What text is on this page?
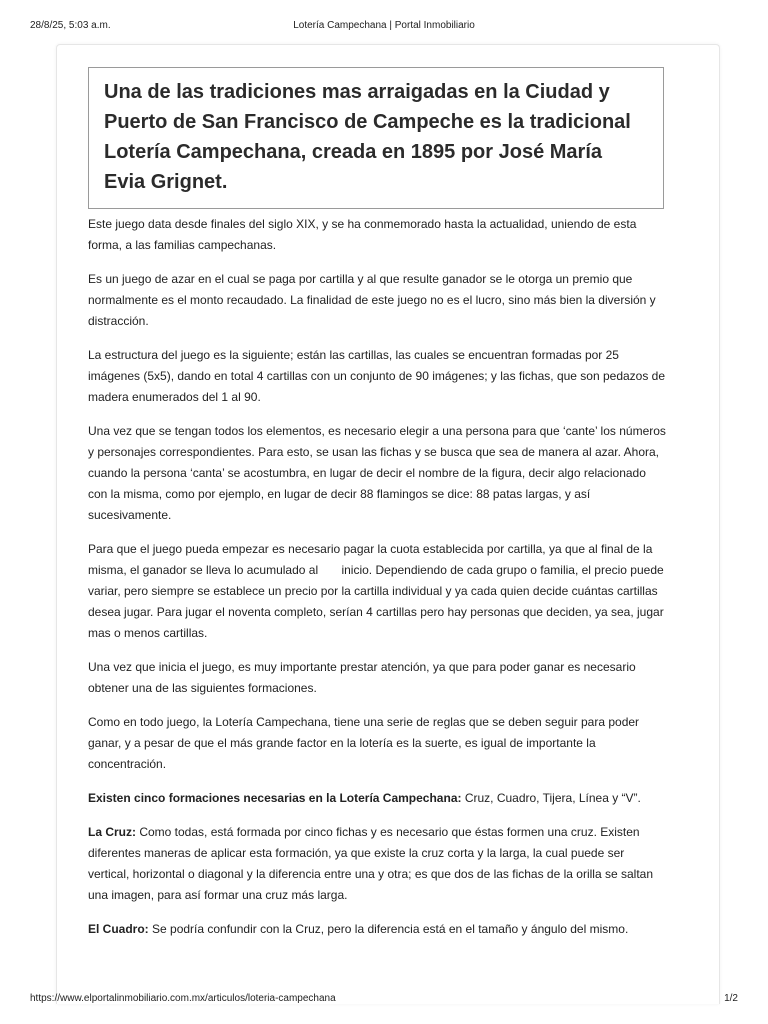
28/8/25, 5:03 a.m.	Lotería Campechana | Portal Inmobiliario
Una de las tradiciones mas arraigadas en la Ciudad y Puerto de San Francisco de Campeche es la tradicional Lotería Campechana, creada en 1895 por José María Evia Grignet.

Este juego data desde finales del siglo XIX, y se ha conmemorado hasta la actualidad, uniendo de esta forma, a las familias campechanas.

Es un juego de azar en el cual se paga por cartilla y al que resulte ganador se le otorga un premio que normalmente es el monto recaudado. La finalidad de este juego no es el lucro, sino más bien la diversión y distracción.

La estructura del juego es la siguiente; están las cartillas, las cuales se encuentran formadas por 25 imágenes (5x5), dando en total 4 cartillas con un conjunto de 90 imágenes; y las fichas, que son pedazos de madera enumerados del 1 al 90.

Una vez que se tengan todos los elementos, es necesario elegir a una persona para que ‘cante’ los números y personajes correspondientes. Para esto, se usan las fichas y se busca que sea de manera al azar. Ahora, cuando la persona ‘canta’ se acostumbra, en lugar de decir el nombre de la figura, decir algo relacionado con la misma, como por ejemplo, en lugar de decir 88 flamingos se dice: 88 patas largas, y así sucesivamente.

Para que el juego pueda empezar es necesario pagar la cuota establecida por cartilla, ya que al final de la misma, el ganador se lleva lo acumulado al       inicio. Dependiendo de cada grupo o familia, el precio puede variar, pero siempre se establece un precio por la cartilla individual y ya cada quien decide cuántas cartillas desea jugar. Para jugar el noventa completo, serían 4 cartillas pero hay personas que deciden, ya sea, jugar mas o menos cartillas.

Una vez que inicia el juego, es muy importante prestar atención, ya que para poder ganar es necesario obtener una de las siguientes formaciones.

Como en todo juego, la Lotería Campechana, tiene una serie de reglas que se deben seguir para poder ganar, y a pesar de que el más grande factor en la lotería es la suerte, es igual de importante la concentración.

Existen cinco formaciones necesarias en la Lotería Campechana: Cruz, Cuadro, Tijera, Línea y “V”.

La Cruz: Como todas, está formada por cinco fichas y es necesario que éstas formen una cruz. Existen diferentes maneras de aplicar esta formación, ya que existe la cruz corta y la larga, la cual puede ser vertical, horizontal o diagonal y la diferencia entre una y otra; es que dos de las fichas de la orilla se saltan una imagen, para así formar una cruz más larga.

El Cuadro: Se podría confundir con la Cruz, pero la diferencia está en el tamaño y ángulo del mismo.

https://www.elportalinmobiliario.com.mx/articulos/loteria-campechana	1/2
